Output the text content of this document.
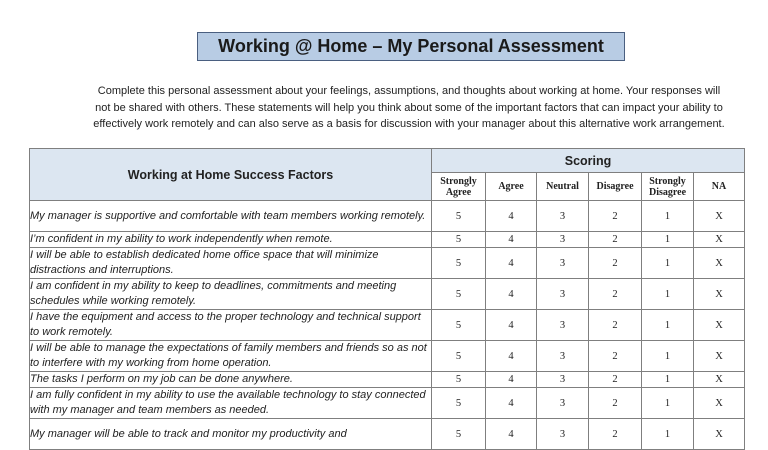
Working @ Home – My Personal Assessment
Complete this personal assessment about your feelings, assumptions, and thoughts about working at home. Your responses will not be shared with others. These statements will help you think about some of the important factors that can impact your ability to effectively work remotely and can also serve as a basis for discussion with your manager about this alternative work arrangement.
Working at Home Success Factors	Scoring					
	Strongly Agree	Agree	Neutral	Disagree	Strongly Disagree	NA
My manager is supportive and comfortable with team members working remotely.	5	4	3	2	1	X
I’m confident in my ability to work independently when remote.	5	4	3	2	1	X
I will be able to establish dedicated home office space that will minimize distractions and interruptions.	5	4	3	2	1	X
I am confident in my ability to keep to deadlines, commitments and meeting schedules while working remotely.	5	4	3	2	1	X
I have the equipment and access to the proper technology and technical support to work remotely.	5	4	3	2	1	X
I will be able to manage the expectations of family members and friends so as not to interfere with my working from home operation.	5	4	3	2	1	X
The tasks I perform on my job can be done anywhere.	5	4	3	2	1	X
I am fully confident in my ability to use the available technology to stay connected with my manager and team members as needed.	5	4	3	2	1	X
My manager will be able to track and monitor my productivity and	5	4	3	2	1	X
